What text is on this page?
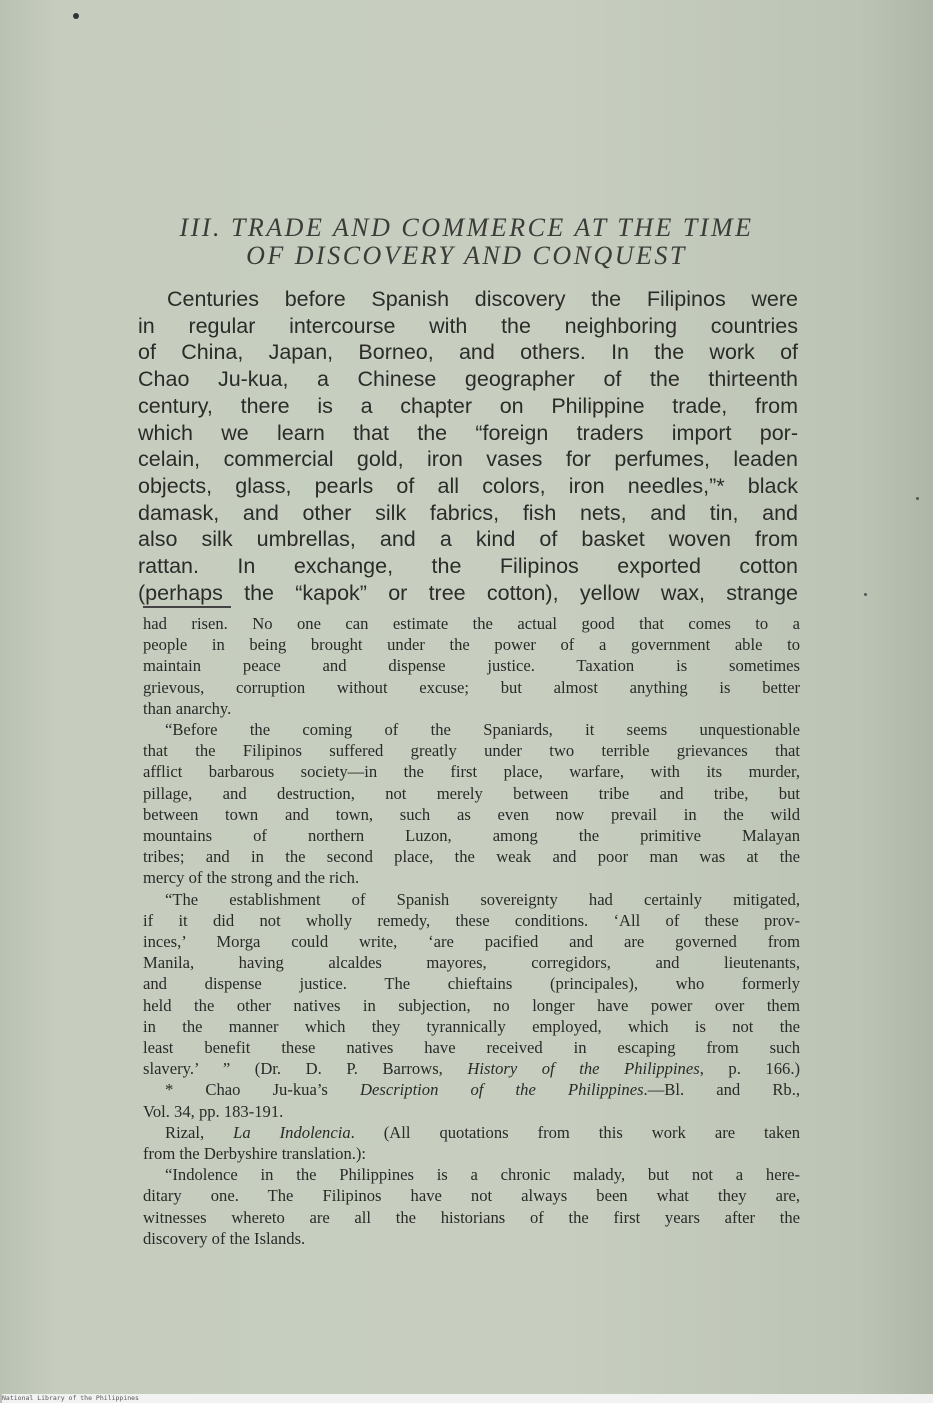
III. TRADE AND COMMERCE AT THE TIME
OF DISCOVERY AND CONQUEST
Centuries before Spanish discovery the Filipinos were
in regular intercourse with the neighboring countries
of China, Japan, Borneo, and others. In the work of
Chao Ju-kua, a Chinese geographer of the thirteenth
century, there is a chapter on Philippine trade, from
which we learn that the “foreign traders import por-
celain, commercial gold, iron vases for perfumes, leaden
objects, glass, pearls of all colors, iron needles,”* black
damask, and other silk fabrics, fish nets, and tin, and
also silk umbrellas, and a kind of basket woven from
rattan. In exchange, the Filipinos exported cotton
(perhaps the “kapok” or tree cotton), yellow wax, strange
had risen. No one can estimate the actual good that comes to a
people in being brought under the power of a government able to
maintain peace and dispense justice. Taxation is sometimes
grievous, corruption without excuse; but almost anything is better
than anarchy.
“Before the coming of the Spaniards, it seems unquestionable
that the Filipinos suffered greatly under two terrible grievances that
afflict barbarous society—in the first place, warfare, with its murder,
pillage, and destruction, not merely between tribe and tribe, but
between town and town, such as even now prevail in the wild
mountains of northern Luzon, among the primitive Malayan
tribes; and in the second place, the weak and poor man was at the
mercy of the strong and the rich.
“The establishment of Spanish sovereignty had certainly mitigated,
if it did not wholly remedy, these conditions. ‘All of these prov-
inces,’ Morga could write, ‘are pacified and are governed from
Manila, having alcaldes mayores, corregidors, and lieutenants,
and dispense justice. The chieftains (principales), who formerly
held the other natives in subjection, no longer have power over them
in the manner which they tyrannically employed, which is not the
least benefit these natives have received in escaping from such
slavery.’ ” (Dr. D. P. Barrows, History of the Philippines, p. 166.)
* Chao Ju-kua’s Description of the Philippines.—Bl. and Rb.,
Vol. 34, pp. 183-191.
Rizal, La Indolencia. (All quotations from this work are taken
from the Derbyshire translation.):
“Indolence in the Philippines is a chronic malady, but not a here-
ditary one. The Filipinos have not always been what they are,
witnesses whereto are all the historians of the first years after the
discovery of the Islands.
National Library of the Philippines
